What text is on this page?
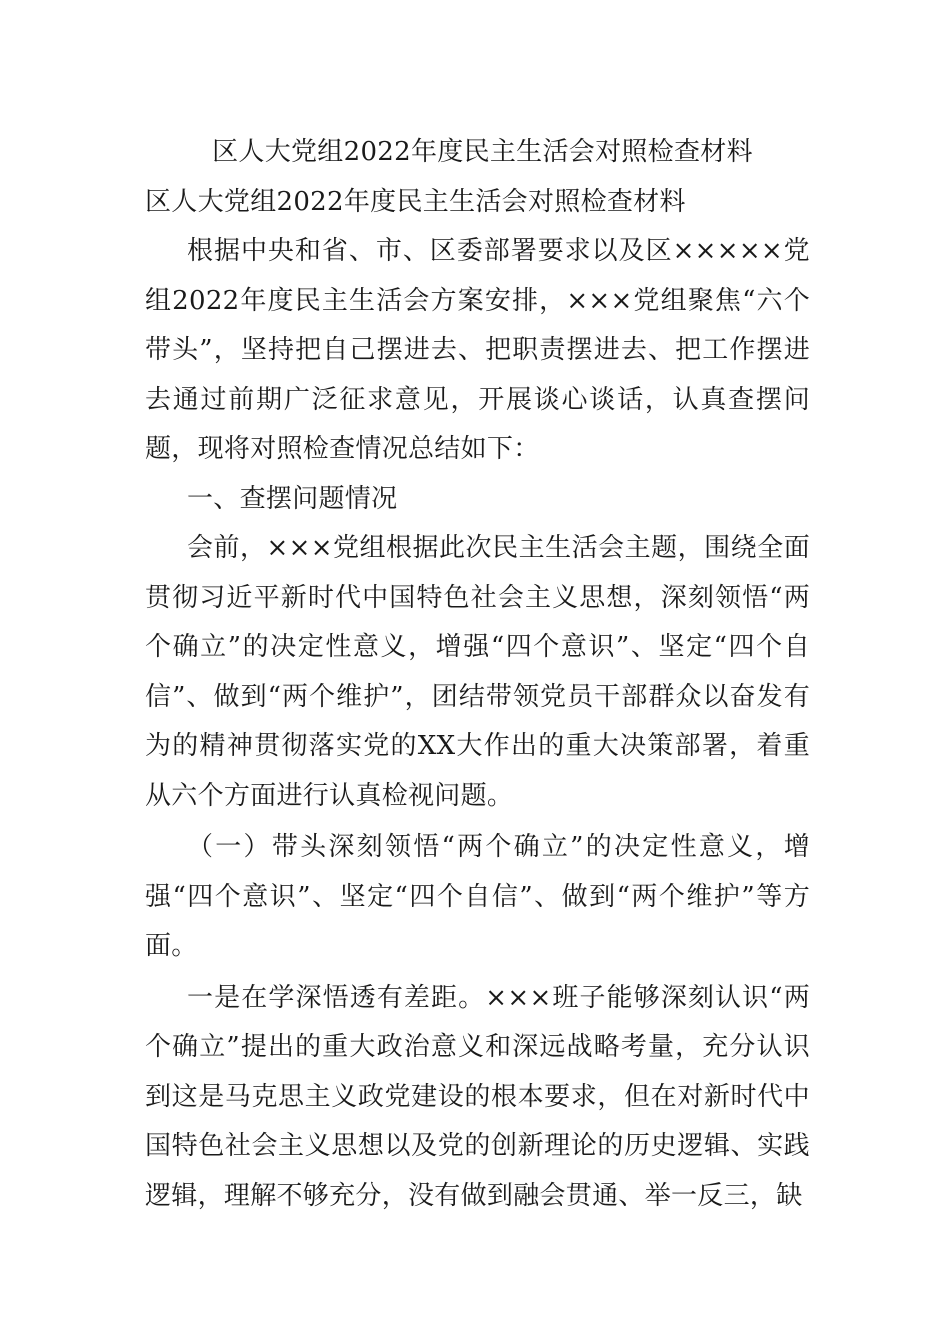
区人大党组2022年度民主生活会对照检查材料

区人大党组2022年度民主生活会对照检查材料

根据中央和省、市、区委部署要求以及区×××××党组2022年度民主生活会方案安排，×××党组聚焦“六个带头”，坚持把自己摆进去、把职责摆进去、把工作摆进去通过前期广泛征求意见，开展谈心谈话，认真查摆问题，现将对照检查情况总结如下：

一、查摆问题情况

会前，×××党组根据此次民主生活会主题，围绕全面贯彻习近平新时代中国特色社会主义思想，深刻领悟“两个确立”的决定性意义，增强“四个意识”、坚定“四个自信”、做到“两个维护”，团结带领党员干部群众以奋发有为的精神贯彻落实党的XX大作出的重大决策部署，着重从六个方面进行认真检视问题。

（一）带头深刻领悟“两个确立”的决定性意义，增强“四个意识”、坚定“四个自信”、做到“两个维护”等方面。

一是在学深悟透有差距。×××班子能够深刻认识“两个确立”提出的重大政治意义和深远战略考量，充分认识到这是马克思主义政党建设的根本要求，但在对新时代中国特色社会主义思想以及党的创新理论的历史逻辑、实践逻辑，理解不够充分，没有做到融会贯通、举一反三，缺
